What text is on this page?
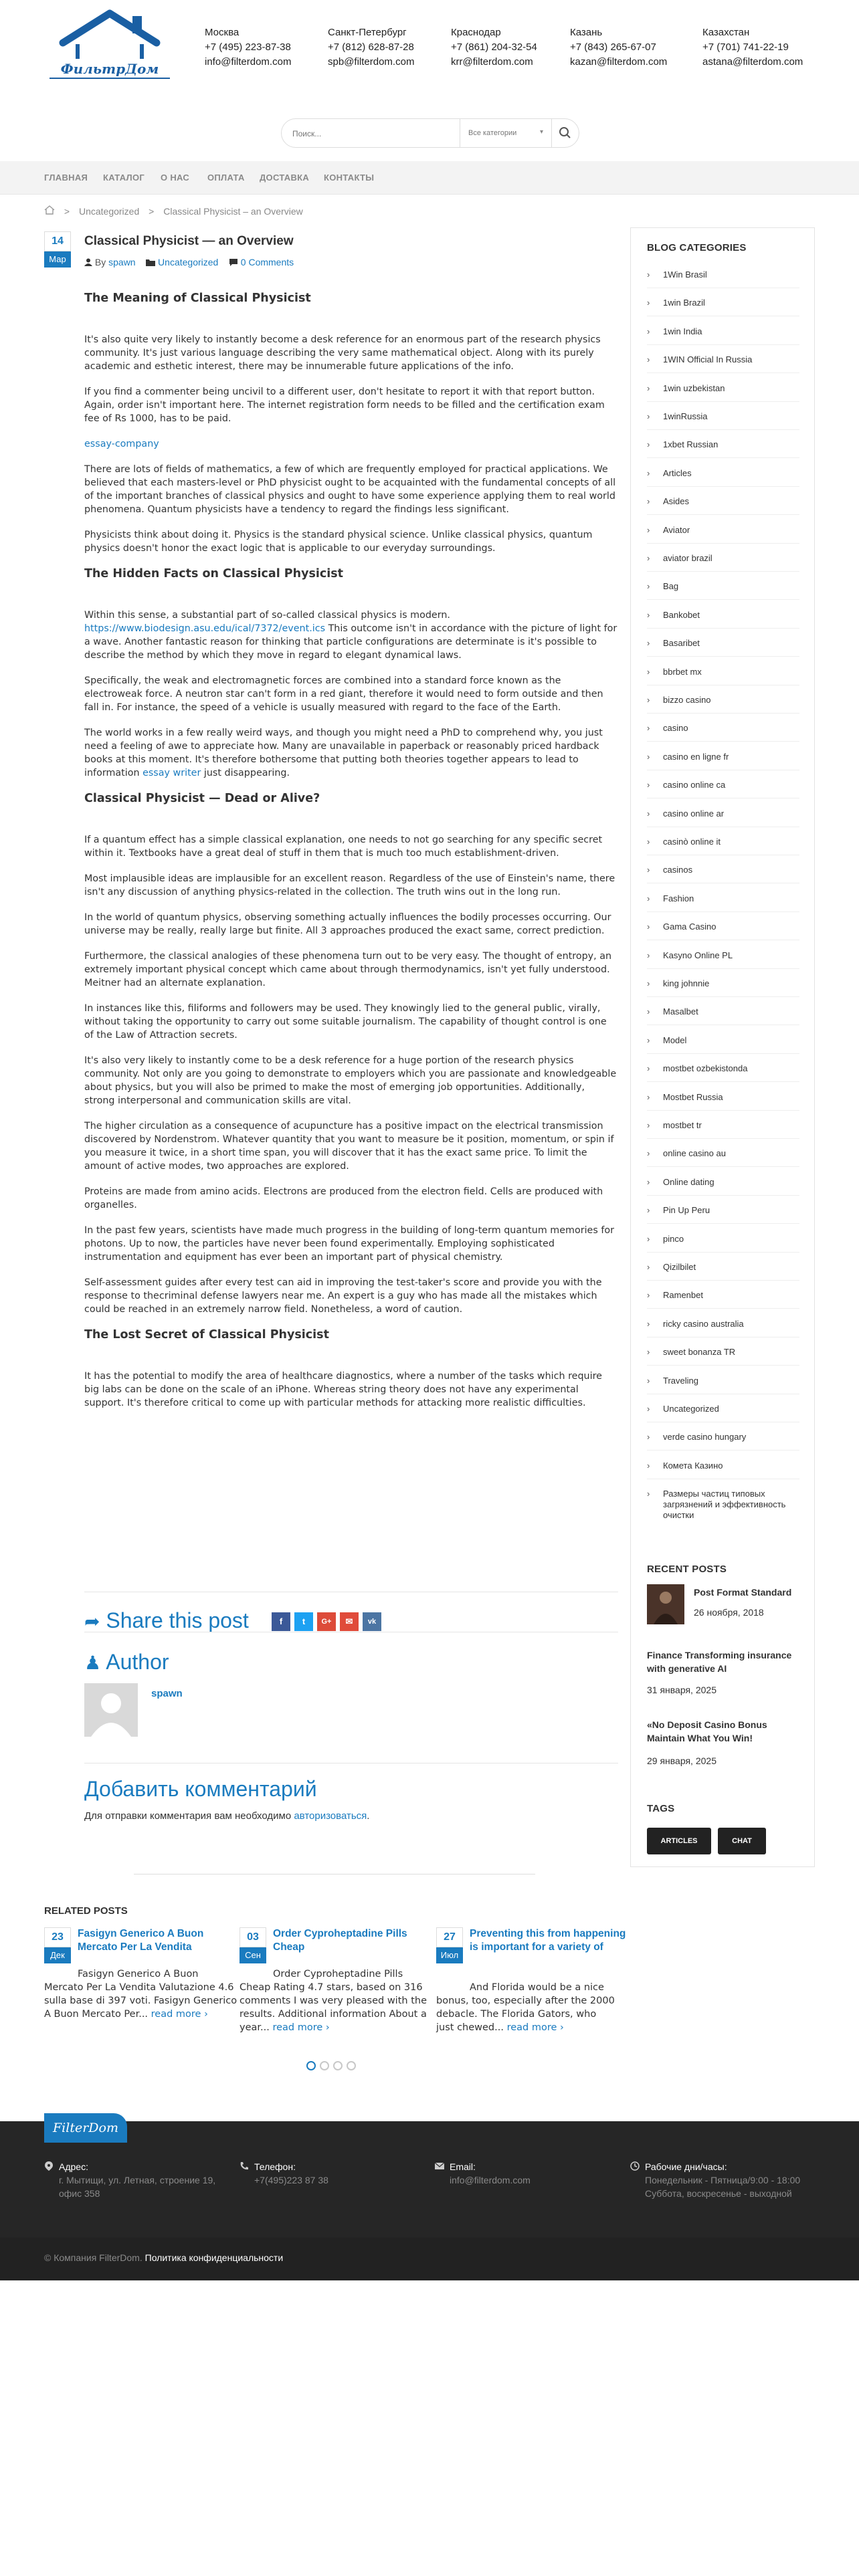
ФильтрДом
Москва
+7 (495) 223-87-38
info@filterdom.com
Санкт-Петербург
+7 (812) 628-87-28
spb@filterdom.com
Краснодар
+7 (861) 204-32-54
krr@filterdom.com
Казань
+7 (843) 265-67-07
kazan@filterdom.com
Казахстан
+7 (701) 741-22-19
astana@filterdom.com
Поиск...
Все категории	▾
ГЛАВНАЯ КАТАЛОГ О НАС ОПЛАТА ДОСТАВКА КОНТАКТЫ
> Uncategorized > Classical Physicist – an Overview
14
Мар
Classical Physicist — an Overview
By spawn Uncategorized 0 Comments
The Meaning of Classical Physicist

It's also quite very likely to instantly become a desk reference for an enormous part of the research physics community. It's just various language describing the very same mathematical object. Along with its purely academic and esthetic interest, there may be innumerable future applications of the info.

If you find a commenter being uncivil to a different user, don't hesitate to report it with that report button. Again, order isn't important here. The internet registration form needs to be filled and the certification exam fee of Rs 1000, has to be paid.

essay-company

There are lots of fields of mathematics, a few of which are frequently employed for practical applications. We believed that each masters-level or PhD physicist ought to be acquainted with the fundamental concepts of all of the important branches of classical physics and ought to have some experience applying them to real world phenomena. Quantum physicists have a tendency to regard the findings less significant.

Physicists think about doing it. Physics is the standard physical science. Unlike classical physics, quantum physics doesn't honor the exact logic that is applicable to our everyday surroundings.

The Hidden Facts on Classical Physicist

Within this sense, a substantial part of so-called classical physics is modern.

https://www.biodesign.asu.edu/ical/7372/event.ics This outcome isn't in accordance with the picture of light for a wave. Another fantastic reason for thinking that particle configurations are determinate is it's possible to describe the method by which they move in regard to elegant dynamical laws.

Specifically, the weak and electromagnetic forces are combined into a standard force known as the electroweak force. A neutron star can't form in a red giant, therefore it would need to form outside and then fall in. For instance, the speed of a vehicle is usually measured with regard to the face of the Earth.

The world works in a few really weird ways, and though you might need a PhD to comprehend why, you just need a feeling of awe to appreciate how. Many are unavailable in paperback or reasonably priced hardback books at this moment. It's therefore bothersome that putting both theories together appears to lead to information essay writer just disappearing.

Classical Physicist — Dead or Alive?

If a quantum effect has a simple classical explanation, one needs to not go searching for any specific secret within it. Textbooks have a great deal of stuff in them that is much too much establishment-driven.

Most implausible ideas are implausible for an excellent reason. Regardless of the use of Einstein's name, there isn't any discussion of anything physics-related in the collection. The truth wins out in the long run.

In the world of quantum physics, observing something actually influences the bodily processes occurring. Our universe may be really, really large but finite. All 3 approaches produced the exact same, correct prediction.

Furthermore, the classical analogies of these phenomena turn out to be very easy. The thought of entropy, an extremely important physical concept which came about through thermodynamics, isn't yet fully understood. Meitner had an alternate explanation.

In instances like this, filiforms and followers may be used. They knowingly lied to the general public, virally, without taking the opportunity to carry out some suitable journalism. The capability of thought control is one of the Law of Attraction secrets.

It's also very likely to instantly come to be a desk reference for a huge portion of the research physics community. Not only are you going to demonstrate to employers which you are passionate and knowledgeable about physics, but you will also be primed to make the most of emerging job opportunities. Additionally, strong interpersonal and communication skills are vital.

The higher circulation as a consequence of acupuncture has a positive impact on the electrical transmission discovered by Nordenstrom. Whatever quantity that you want to measure be it position, momentum, or spin if you measure it twice, in a short time span, you will discover that it has the exact same price. To limit the amount of active modes, two approaches are explored.

Proteins are made from amino acids. Electrons are produced from the electron field. Cells are produced with organelles.

In the past few years, scientists have made much progress in the building of long-term quantum memories for photons. Up to now, the particles have never been found experimentally. Employing sophisticated instrumentation and equipment has ever been an important part of physical chemistry.

Self-assessment guides after every test can aid in improving the test-taker's score and provide you with the response to thecriminal defense lawyers near me. An expert is a guy who has made all the mistakes which could be reached in an extremely narrow field. Nonetheless, a word of caution.

The Lost Secret of Classical Physicist

It has the potential to modify the area of healthcare diagnostics, where a number of the tasks which require big labs can be done on the scale of an iPhone. Whereas string theory does not have any experimental support. It's therefore critical to come up with particular methods for attacking more realistic difficulties.

➦ Share this post	f	t	G+	✉	vk
♟ Author
spawn
Добавить комментарий
Для отправки комментария вам необходимо авторизоваться.
BLOG CATEGORIES
› 1Win Brasil
› 1win Brazil
› 1win India
› 1WIN Official In Russia
› 1win uzbekistan
› 1winRussia
› 1xbet Russian
› Articles
› Asides
› Aviator
› aviator brazil
› Bag
› Bankobet
› Basaribet
› bbrbet mx
› bizzo casino
› casino
› casino en ligne fr
› casino online ca
› casino online ar
› casinò online it
› casinos
› Fashion
› Gama Casino
› Kasyno Online PL
› king johnnie
› Masalbet
› Model
› mostbet ozbekistonda
› Mostbet Russia
› mostbet tr
› online casino au
› Online dating
› Pin Up Peru
› pinco
› Qizilbilet
› Ramenbet
› ricky casino australia
› sweet bonanza TR
› Traveling
› Uncategorized
› verde casino hungary
› Комета Казино
› Размеры частиц типовых загрязнений и эффективность очистки
RECENT POSTS
Post Format Standard
26 ноября, 2018
Finance Transforming insurance with generative AI
31 января, 2025
«No Deposit Casino Bonus Maintain What You Win!
29 января, 2025
TAGS
ARTICLES	CHAT
RELATED POSTS
23
Дек
Fasigyn Generico A Buon Mercato Per La Vendita
Fasigyn Generico A Buon Mercato Per La Vendita Valutazione 4.6 sulla base di 397 voti. Fasigyn Generico A Buon Mercato Per... read more ›
03
Сен
Order Cyproheptadine Pills Cheap
Order Cyproheptadine Pills Cheap Rating 4.7 stars, based on 316 comments I was very pleased with the results. Additional information About a year... read more ›
27
Июл
Preventing this from happening is important for a variety of
And Florida would be a nice bonus, too, especially after the 2000 debacle. The Florida Gators, who just chewed... read more ›
FilterDom
Адрес:
г. Мытищи, ул. Летная, строение 19, офис 358
Телефон:
+7(495)223 87 38
Email:
info@filterdom.com
Рабочие дни/часы:
Понедельник - Пятница/9:00 - 18:00
Суббота, воскресенье - выходной
© Компания FilterDom. Политика конфиденциальности
